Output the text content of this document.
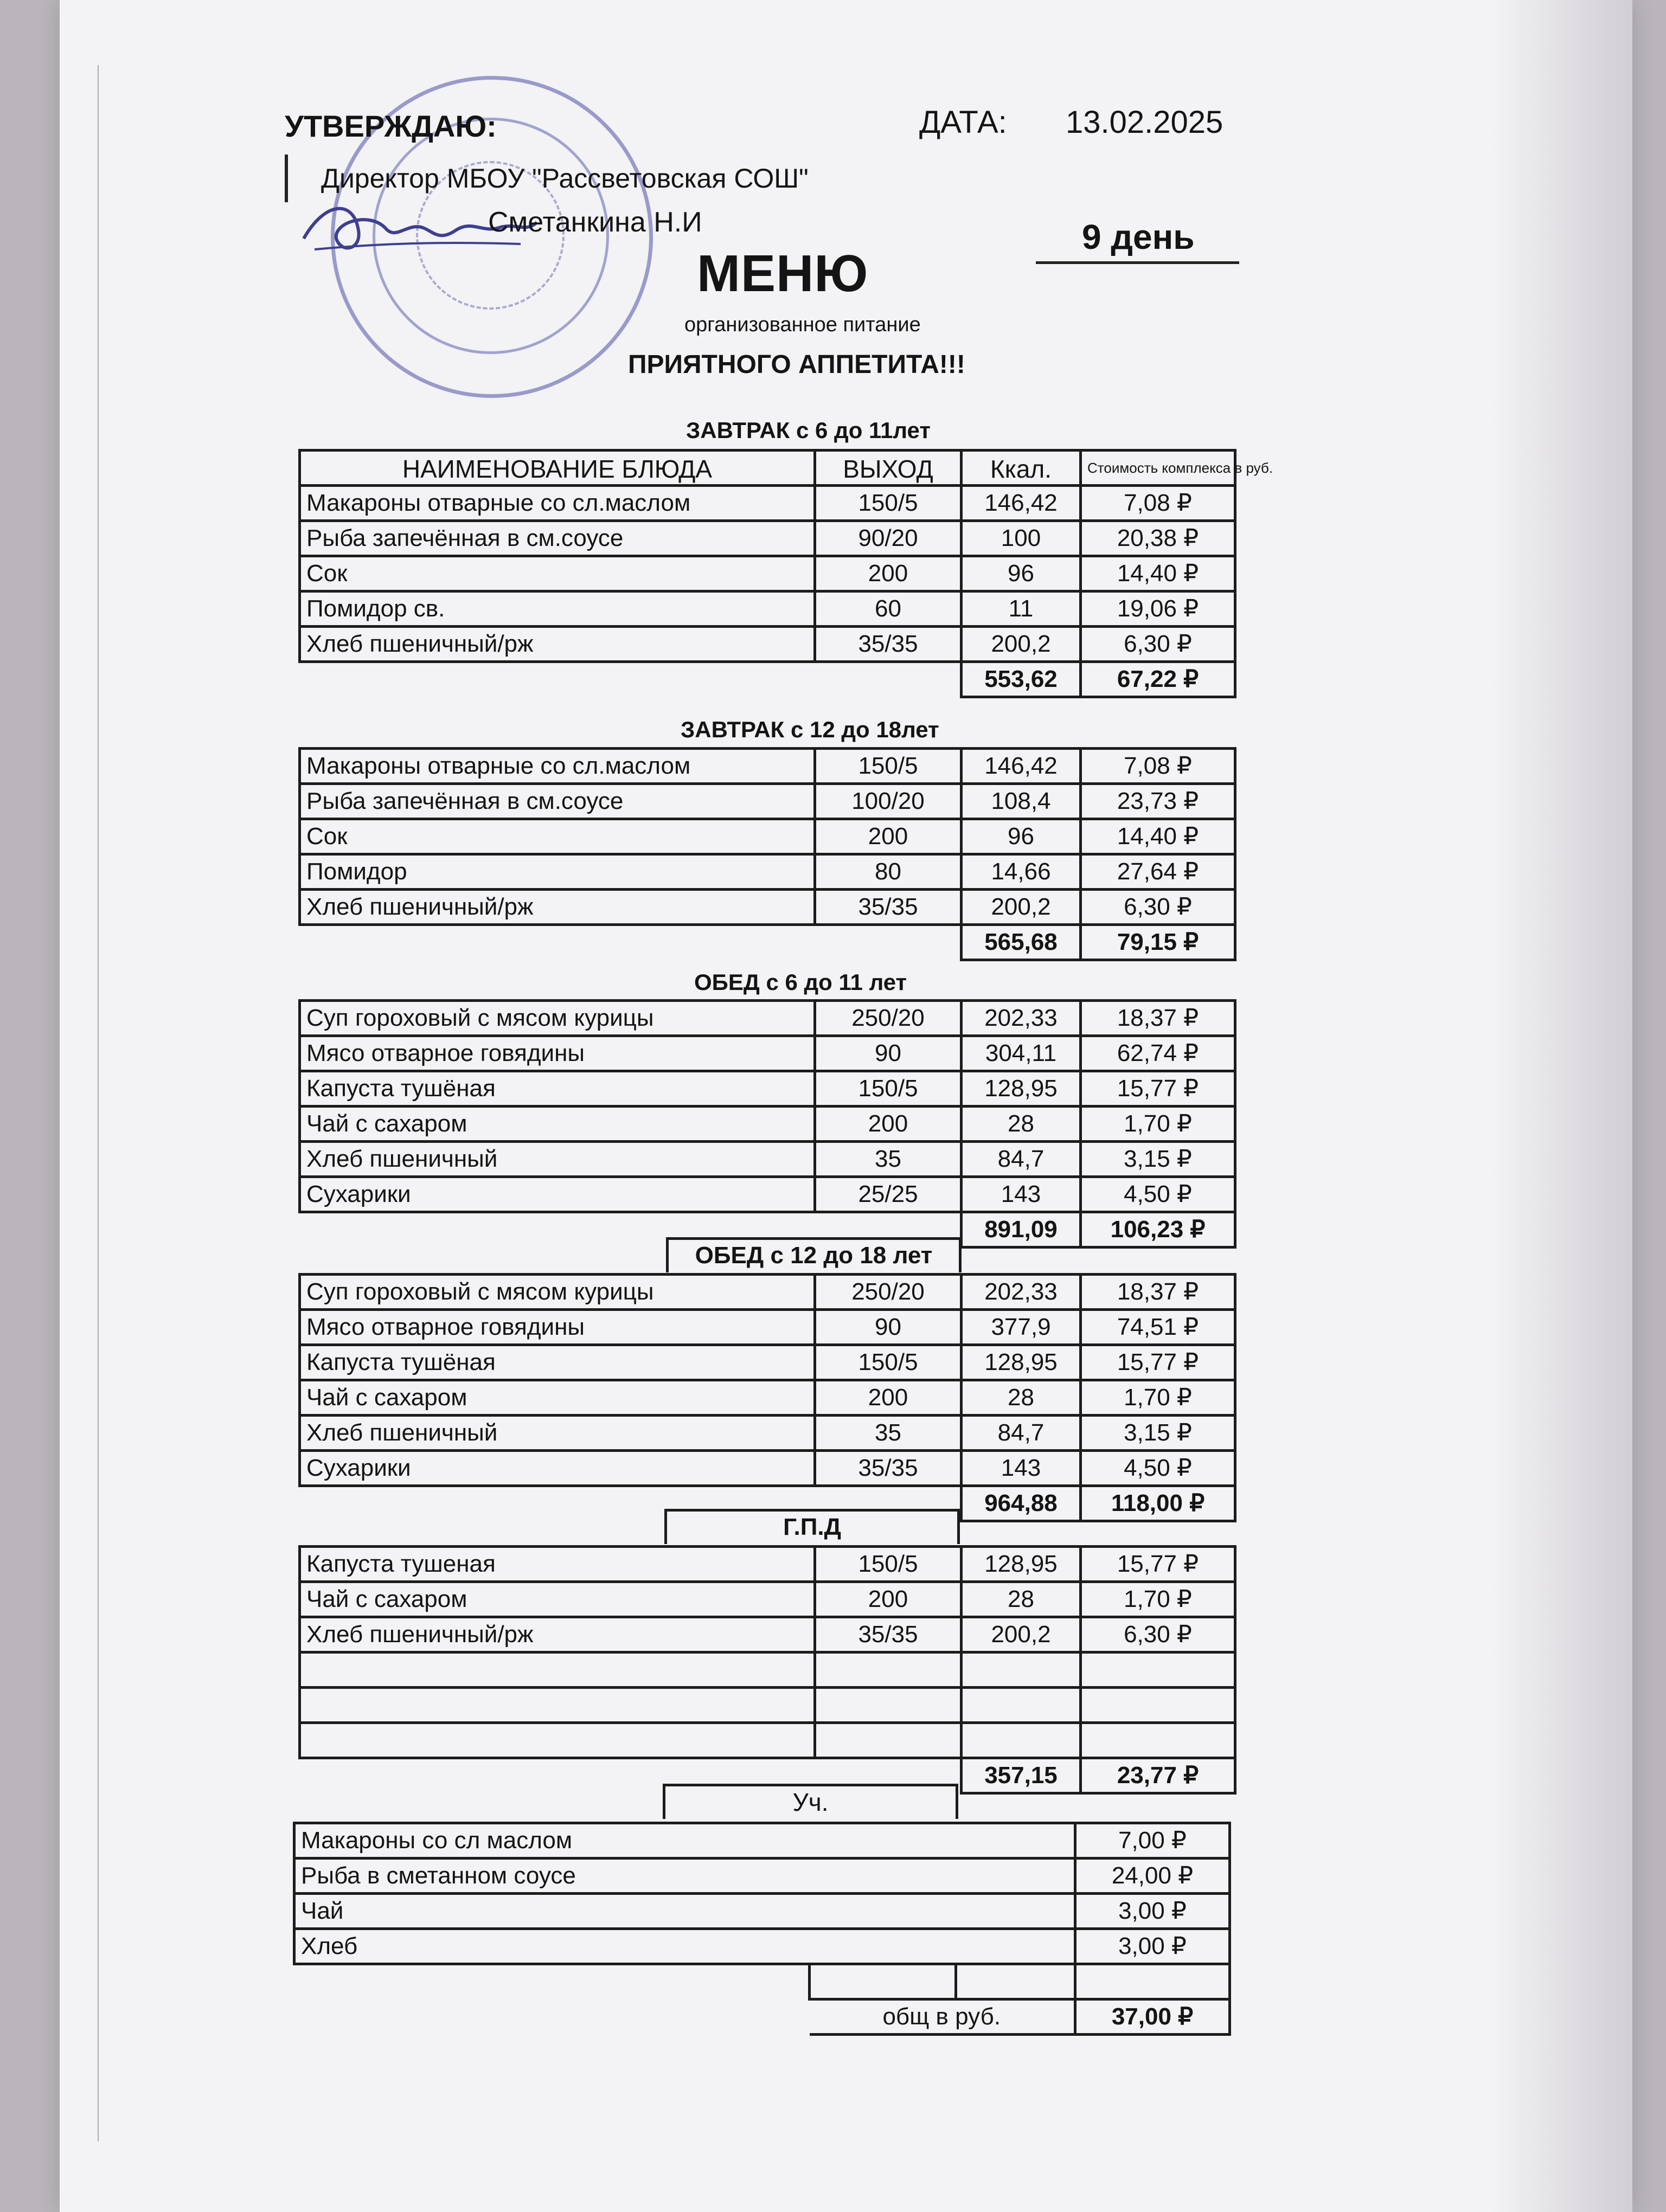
УТВЕРЖДАЮ:	ДАТА: 13.02.2025
Директор МБОУ "Рассветовская СОШ"
Сметанкина Н.И	9 день
МЕНЮ
организованное питание
ПРИЯТНОГО АППЕТИТА!!!
ЗАВТРАК с 6 до 11лет
НАИМЕНОВАНИЕ БЛЮДА	ВЫХОД	Ккал.	Стоимость комплекса в руб.
Макароны отварные со сл.маслом	150/5	146,42	7,08 ₽
Рыба запечённая в см.соусе	90/20	100	20,38 ₽
Сок	200	96	14,40 ₽
Помидор св.	60	11	19,06 ₽
Хлеб пшеничный/рж	35/35	200,2	6,30 ₽
		553,62	67,22 ₽
ЗАВТРАК с 12 до 18лет
Макароны отварные со сл.маслом	150/5	146,42	7,08 ₽
Рыба запечённая в см.соусе	100/20	108,4	23,73 ₽
Сок	200	96	14,40 ₽
Помидор	80	14,66	27,64 ₽
Хлеб пшеничный/рж	35/35	200,2	6,30 ₽
		565,68	79,15 ₽
ОБЕД с 6 до 11 лет
Суп гороховый с мясом курицы	250/20	202,33	18,37 ₽
Мясо отварное говядины	90	304,11	62,74 ₽
Капуста тушёная	150/5	128,95	15,77 ₽
Чай с сахаром	200	28	1,70 ₽
Хлеб пшеничный	35	84,7	3,15 ₽
Сухарики	25/25	143	4,50 ₽
		891,09	106,23 ₽
ОБЕД с 12 до 18 лет
Суп гороховый с мясом курицы	250/20	202,33	18,37 ₽
Мясо отварное говядины	90	377,9	74,51 ₽
Капуста тушёная	150/5	128,95	15,77 ₽
Чай с сахаром	200	28	1,70 ₽
Хлеб пшеничный	35	84,7	3,15 ₽
Сухарики	35/35	143	4,50 ₽
		964,88	118,00 ₽
Г.П.Д
Капуста тушеная	150/5	128,95	15,77 ₽
Чай с сахаром	200	28	1,70 ₽
Хлеб пшеничный/рж	35/35	200,2	6,30 ₽

		357,15	23,77 ₽
Уч.
Макароны со сл маслом			7,00 ₽
Рыба в сметанном соусе			24,00 ₽
Чай			3,00 ₽
Хлеб			3,00 ₽

	общ в руб.		37,00 ₽
